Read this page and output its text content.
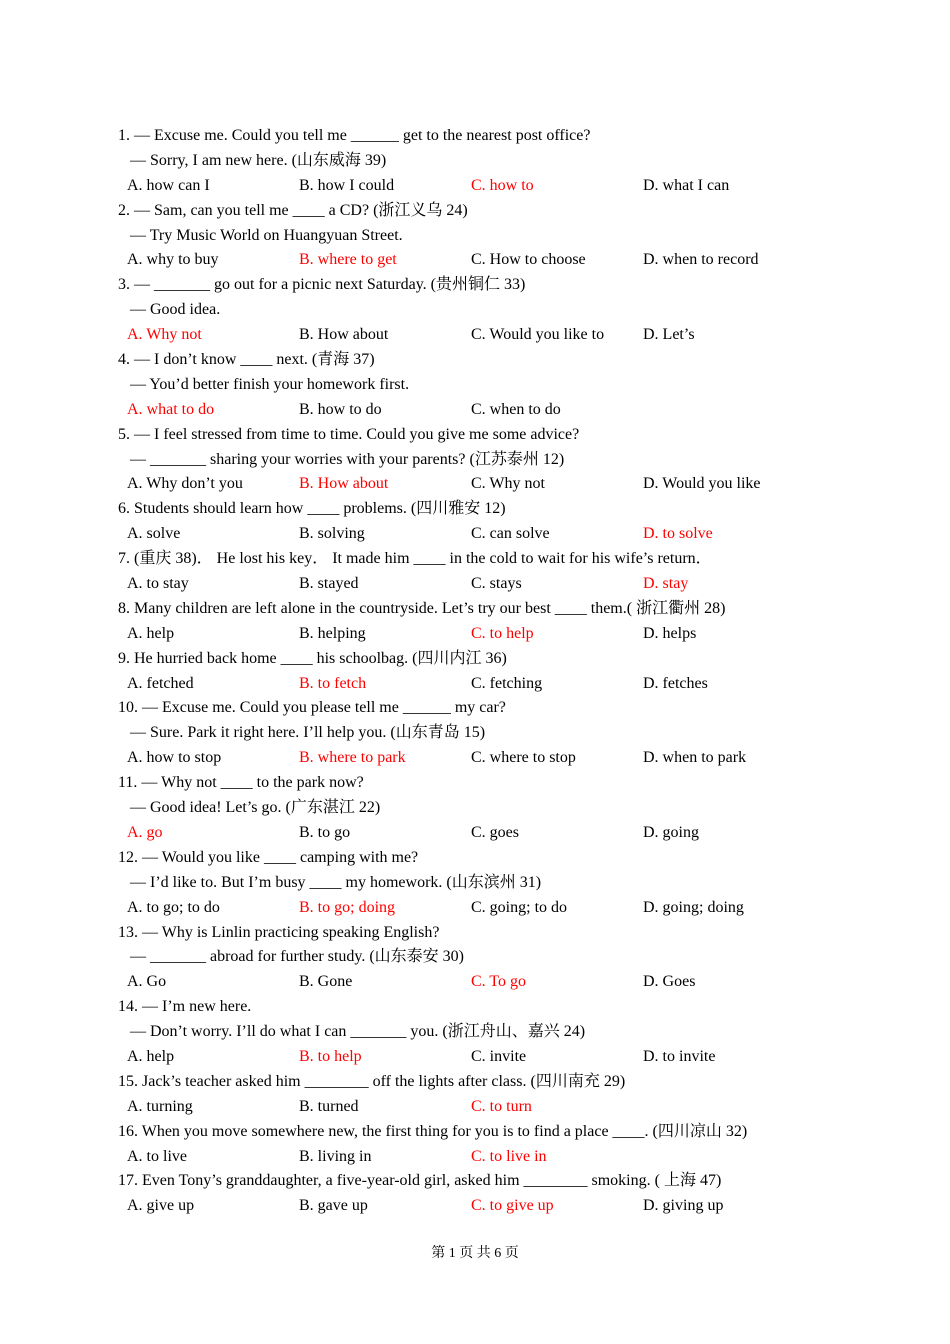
1. — Excuse me. Could you tell me ______ get to the nearest post office?
— Sorry, I am new here. (山东威海 39)
A. how can I	B. how I could	C. how to	D. what I can
2. — Sam, can you tell me ____ a CD? (浙江义乌 24)
— Try Music World on Huangyuan Street.
A. why to buy	B. where to get	C. How to choose	D. when to record
3. — _______ go out for a picnic next Saturday. (贵州铜仁 33)
— Good idea.
A. Why not	B. How about	C. Would you like to D. Let’s
4. — I don’t know ____ next. (青海 37)
— You’d better finish your homework first.
A. what to do	B. how to do	C. when to do
5. — I feel stressed from time to time. Could you give me some advice?
— _______ sharing your worries with your parents? (江苏泰州 12)
A. Why don’t you	B. How about	C. Why not	D. Would you like
6. Students should learn how ____ problems. (四川雅安 12)
A. solve	B. solving	C. can solve	D. to solve
7. (重庆 38)． He lost his key． It made him ____ in the cold to wait for his wife’s return．
A. to stay	B. stayed	C. stays	D. stay
8. Many children are left alone in the countryside. Let’s try our best ____ them.( 浙江衢州 28)
A. help	B. helping	C. to help	D. helps
9. He hurried back home ____ his schoolbag. (四川内江 36)
A. fetched	B. to fetch	C. fetching	D. fetches
10. — Excuse me. Could you please tell me ______ my car?
— Sure. Park it right here. I’ll help you. (山东青岛 15)
A. how to stop	B. where to park	C. where to stop	D. when to park
11. — Why not ____ to the park now?
— Good idea! Let’s go. (广东湛江 22)
A. go	B. to go	C. goes	D. going
12. — Would you like ____ camping with me?
— I’d like to. But I’m busy ____ my homework. (山东滨州 31)
A. to go; to do	B. to go; doing	C. going; to do	D. going; doing
13. — Why is Linlin practicing speaking English?
— _______ abroad for further study. (山东泰安 30)
A. Go	B. Gone	C. To go	D. Goes
14. — I’m new here.
— Don’t worry. I’ll do what I can _______ you. (浙江舟山、嘉兴 24)
A. help	B. to help	C. invite	D. to invite
15. Jack’s teacher asked him ________ off the lights after class. (四川南充 29)
A. turning	B. turned	C. to turn
16. When you move somewhere new, the first thing for you is to find a place ____. (四川凉山 32)
A. to live	B. living in	C. to live in
17. Even Tony’s granddaughter, a five-year-old girl, asked him ________ smoking. ( 上海 47)
A. give up	B. gave up	C. to give up	D. giving up
第 1 页 共 6 页
